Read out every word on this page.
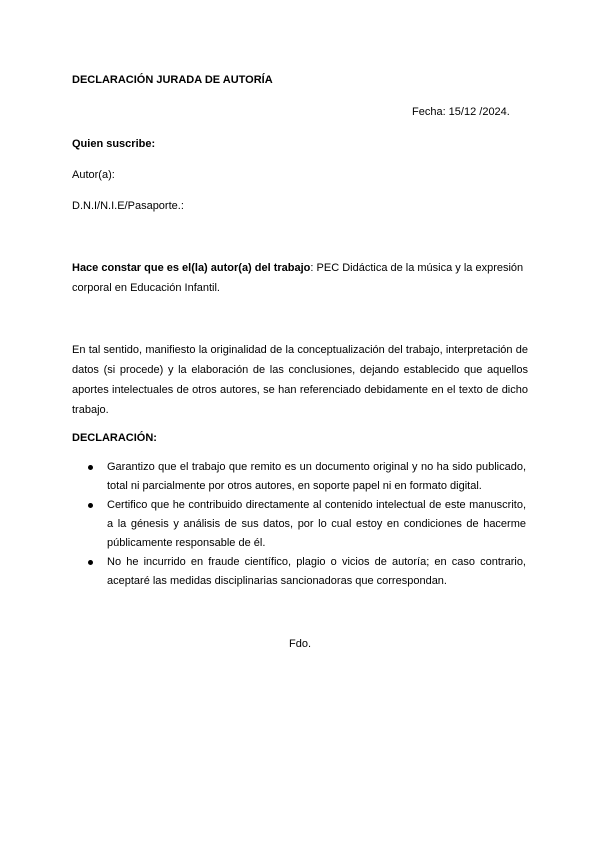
DECLARACIÓN JURADA DE AUTORÍA
Fecha: 15/12 /2024.
Quien suscribe:
Autor(a):
D.N.I/N.I.E/Pasaporte.:
Hace constar que es el(la) autor(a) del trabajo: PEC Didáctica de la música y la expresión corporal en Educación Infantil.
En tal sentido, manifiesto la originalidad de la conceptualización del trabajo, interpretación de datos (si procede) y la elaboración de las conclusiones, dejando establecido que aquellos aportes intelectuales de otros autores, se han referenciado debidamente en el texto de dicho trabajo.
DECLARACIÓN:
Garantizo que el trabajo que remito es un documento original y no ha sido publicado, total ni parcialmente por otros autores, en soporte papel ni en formato digital.
Certifico que he contribuido directamente al contenido intelectual de este manuscrito, a la génesis y análisis de sus datos, por lo cual estoy en condiciones de hacerme públicamente responsable de él.
No he incurrido en fraude científico, plagio o vicios de autoría; en caso contrario, aceptaré las medidas disciplinarias sancionadoras que correspondan.
Fdo.
